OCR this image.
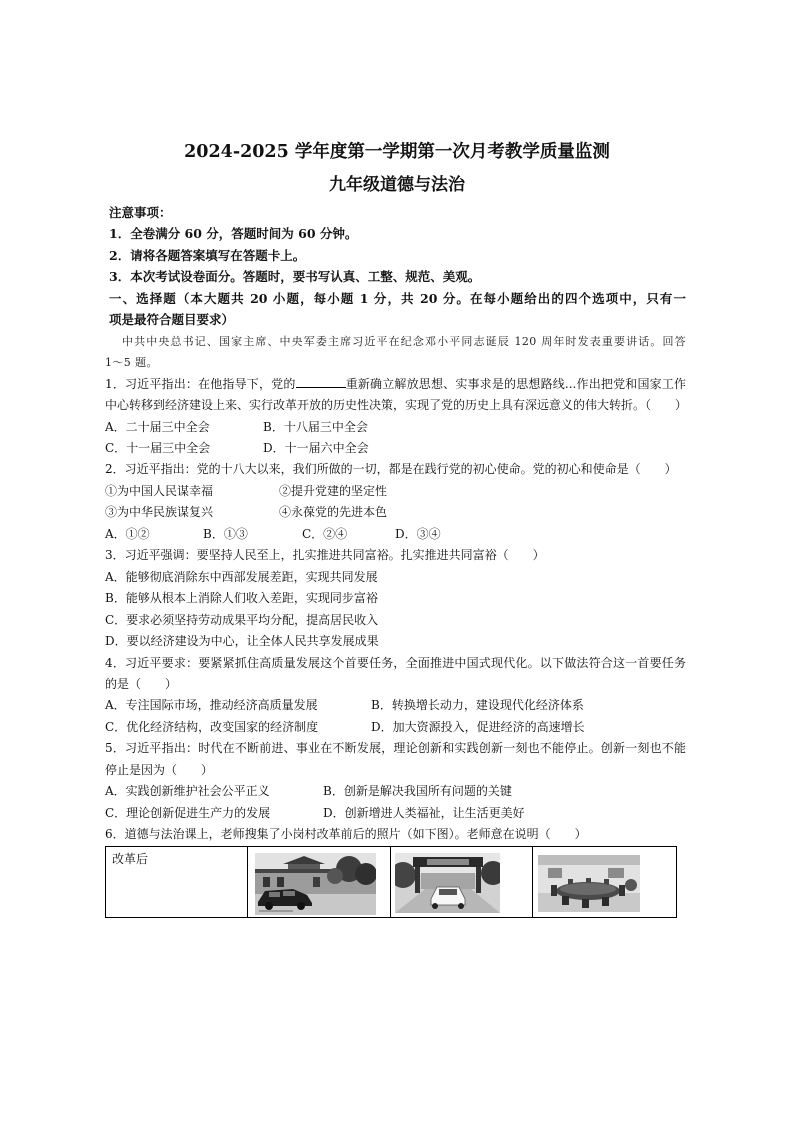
2024-2025 学年度第一学期第一次月考教学质量监测
九年级道德与法治
注意事项：
1．全卷满分 60 分，答题时间为 60 分钟。
2．请将各题答案填写在答题卡上。
3．本次考试设卷面分。答题时，要书写认真、工整、规范、美观。
一、选择题（本大题共 20 小题，每小题 1 分，共 20 分。在每小题给出的四个选项中，只有一
项是最符合题目要求）
中共中央总书记、国家主席、中央军委主席习近平在纪念邓小平同志诞辰 120 周年时发表重要讲话。回答
1～5 题。
1．习近平指出：在他指导下，党的	重新确立解放思想、实事求是的思想路线...作出把党和国家工作
中心转移到经济建设上来、实行改革开放的历史性决策，实现了党的历史上具有深远意义的伟大转折。（　　）
A．二十届三中全会	B．十八届三中全会
C．十一届三中全会	D．十一届六中全会
2．习近平指出：党的十八大以来，我们所做的一切，都是在践行党的初心使命。党的初心和使命是（　　）
①为中国人民谋幸福	②提升党建的坚定性
③为中华民族谋复兴	④永葆党的先进本色
A．①②	B．①③	C．②④	D．③④
3．习近平强调：要坚持人民至上，扎实推进共同富裕。扎实推进共同富裕（　　）
A．能够彻底消除东中西部发展差距，实现共同发展
B．能够从根本上消除人们收入差距，实现同步富裕
C．要求必须坚持劳动成果平均分配，提高居民收入
D．要以经济建设为中心，让全体人民共享发展成果
4．习近平要求：要紧紧抓住高质量发展这个首要任务，全面推进中国式现代化。以下做法符合这一首要任务
的是（　　）
A．专注国际市场，推动经济高质量发展	B．转换增长动力，建设现代化经济体系
C．优化经济结构，改变国家的经济制度	D．加大资源投入，促进经济的高速增长
5．习近平指出：时代在不断前进、事业在不断发展，理论创新和实践创新一刻也不能停止。创新一刻也不能
停止是因为（　　）
A．实践创新维护社会公平正义	B．创新是解决我国所有问题的关键
C．理论创新促进生产力的发展	D．创新增进人类福祉，让生活更美好
6．道德与法治课上，老师搜集了小岗村改革前后的照片（如下图）。老师意在说明（　　）
改革后
